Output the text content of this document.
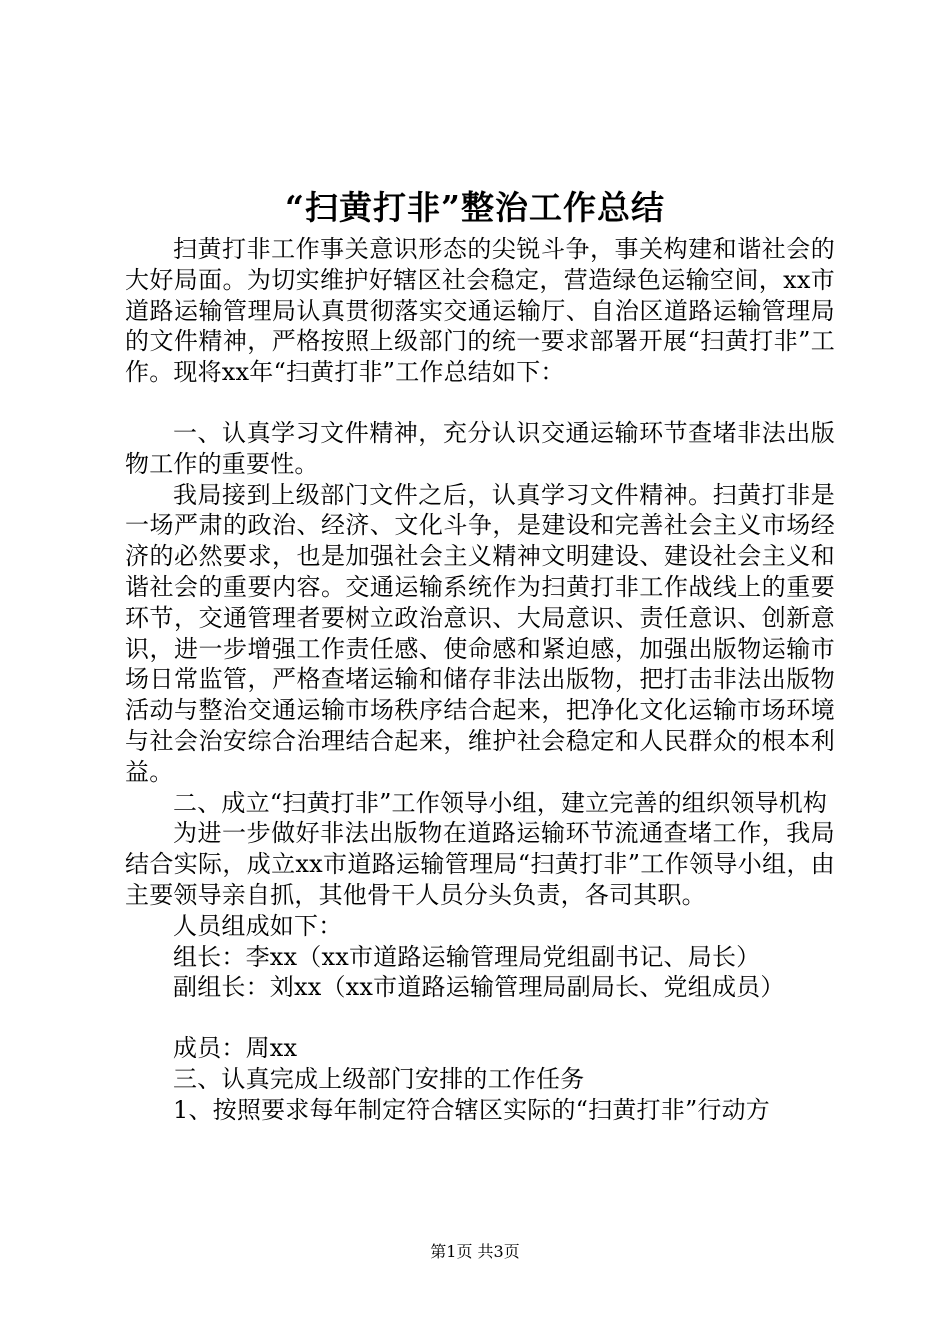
“扫黄打非”整治工作总结

扫黄打非工作事关意识形态的尖锐斗争，事关构建和谐社会的大好局面。为切实维护好辖区社会稳定，营造绿色运输空间，xx市道路运输管理局认真贯彻落实交通运输厅、自治区道路运输管理局的文件精神，严格按照上级部门的统一要求部署开展“扫黄打非”工作。现将xx年“扫黄打非”工作总结如下：

一、认真学习文件精神，充分认识交通运输环节查堵非法出版物工作的重要性。

我局接到上级部门文件之后，认真学习文件精神。扫黄打非是一场严肃的政治、经济、文化斗争，是建设和完善社会主义市场经济的必然要求，也是加强社会主义精神文明建设、建设社会主义和谐社会的重要内容。交通运输系统作为扫黄打非工作战线上的重要环节，交通管理者要树立政治意识、大局意识、责任意识、创新意识，进一步增强工作责任感、使命感和紧迫感，加强出版物运输市场日常监管，严格查堵运输和储存非法出版物，把打击非法出版物活动与整治交通运输市场秩序结合起来，把净化文化运输市场环境与社会治安综合治理结合起来，维护社会稳定和人民群众的根本利益。

二、成立“扫黄打非”工作领导小组，建立完善的组织领导机构

为进一步做好非法出版物在道路运输环节流通查堵工作，我局结合实际，成立xx市道路运输管理局“扫黄打非”工作领导小组，由主要领导亲自抓，其他骨干人员分头负责，各司其职。

人员组成如下：

组长：李xx（xx市道路运输管理局党组副书记、局长）

副组长：刘xx（xx市道路运输管理局副局长、党组成员）

成员：周xx

三、认真完成上级部门安排的工作任务

1、按照要求每年制定符合辖区实际的“扫黄打非”行动方

第1页 共3页
